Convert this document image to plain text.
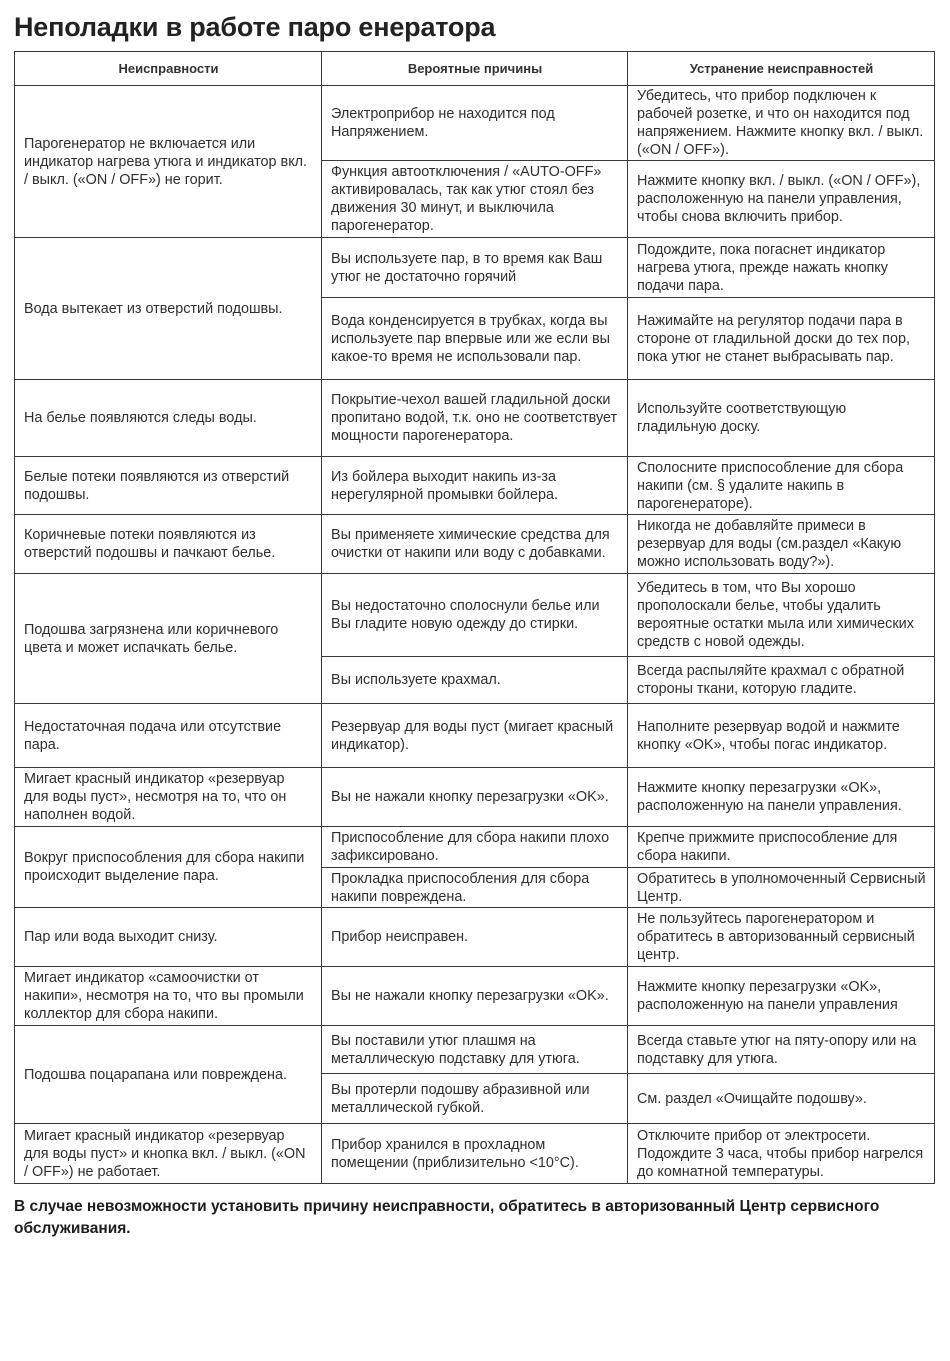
Неполадки в работе паро енератора
Неисправности	Вероятные причины	Устранение неисправностей
Парогенератор не включается или индикатор нагрева утюга и индикатор вкл. / выкл. («ON / OFF») не горит.	Электроприбор не находится под Напряжением.	Убедитесь, что прибор подключен к рабочей розетке, и что он находится под напряжением. Нажмите кнопку вкл. / выкл. («ON / OFF»).
	Функция автоотключения / «AUTO-OFF» активировалась, так как утюг стоял без движения 30 минут, и выключила парогенератор.	Нажмите кнопку вкл. / выкл. («ON / OFF»), расположенную на панели управления, чтобы снова включить прибор.
Вода вытекает из отверстий подошвы.	Вы используете пар, в то время как Ваш утюг не достаточно горячий	Подождите, пока погаснет индикатор нагрева утюга, прежде нажать кнопку подачи пара.
	Вода конденсируется в трубках, когда вы используете пар впервые или же если вы какое-то время не использовали пар.	Нажимайте на регулятор подачи пара в стороне от гладильной доски до тех пор, пока утюг не станет выбрасывать пар.
На белье появляются следы воды.	Покрытие-чехол вашей гладильной доски пропитано водой, т.к. оно не соответствует мощности парогенератора.	Используйте соответствующую гладильную доску.
Белые потеки появляются из отверстий подошвы.	Из бойлера выходит накипь из-за нерегулярной промывки бойлера.	Сполосните приспособление для сбора накипи (см. § удалите накипь в парогенераторе).
Коричневые потеки появляются из отверстий подошвы и пачкают белье.	Вы применяете химические средства для очистки от накипи или воду с добавками.	Никогда не добавляйте примеси в резервуар для воды (см.раздел «Какую можно использовать воду?»).
Подошва загрязнена или коричневого цвета и может испачкать белье.	Вы недостаточно сполоснули белье или Вы гладите новую одежду до стирки.	Убедитесь в том, что Вы хорошо прополоскали белье, чтобы удалить вероятные остатки мыла или химических средств с новой одежды.
	Вы используете крахмал.	Всегда распыляйте крахмал с обратной стороны ткани, которую гладите.
Недостаточная подача или отсутствие пара.	Резервуар для воды пуст (мигает красный индикатор).	Наполните резервуар водой и нажмите кнопку «OK», чтобы погас индикатор.
Мигает красный индикатор «резервуар для воды пуст», несмотря на то, что он наполнен водой.	Вы не нажали кнопку перезагрузки «OK».	Нажмите кнопку перезагрузки «OK», расположенную на панели управления.
Вокруг приспособления для сбора накипи происходит выделение пара.	Приспособление для сбора накипи плохо зафиксировано.	Крепче прижмите приспособление для сбора накипи.
	Прокладка приспособления для сбора накипи повреждена.	Обратитесь в уполномоченный Сервисный Центр.
Пар или вода выходит снизу.	Прибор неисправен.	Не пользуйтесь парогенератором и обратитесь в авторизованный сервисный центр.
Мигает индикатор «самоочистки от накипи», несмотря на то, что вы промыли коллектор для сбора накипи.	Вы не нажали кнопку перезагрузки «OK».	Нажмите кнопку перезагрузки «OK», расположенную на панели управления
Подошва поцарапана или повреждена.	Вы поставили утюг плашмя на металлическую подставку для утюга.	Всегда ставьте утюг на пяту-опору или на подставку для утюга.
	Вы протерли подошву абразивной или металлической губкой.	См. раздел «Очищайте подошву».
Мигает красный индикатор «резервуар для воды пуст» и кнопка вкл. / выкл. («ON / OFF») не работает.	Прибор хранился в прохладном помещении (приблизительно <10°C).	Отключите прибор от электросети. Подождите 3 часа, чтобы прибор нагрелся до комнатной температуры.

В случае невозможности установить причину неисправности, обратитесь в авторизованный Центр сервисного обслуживания.
